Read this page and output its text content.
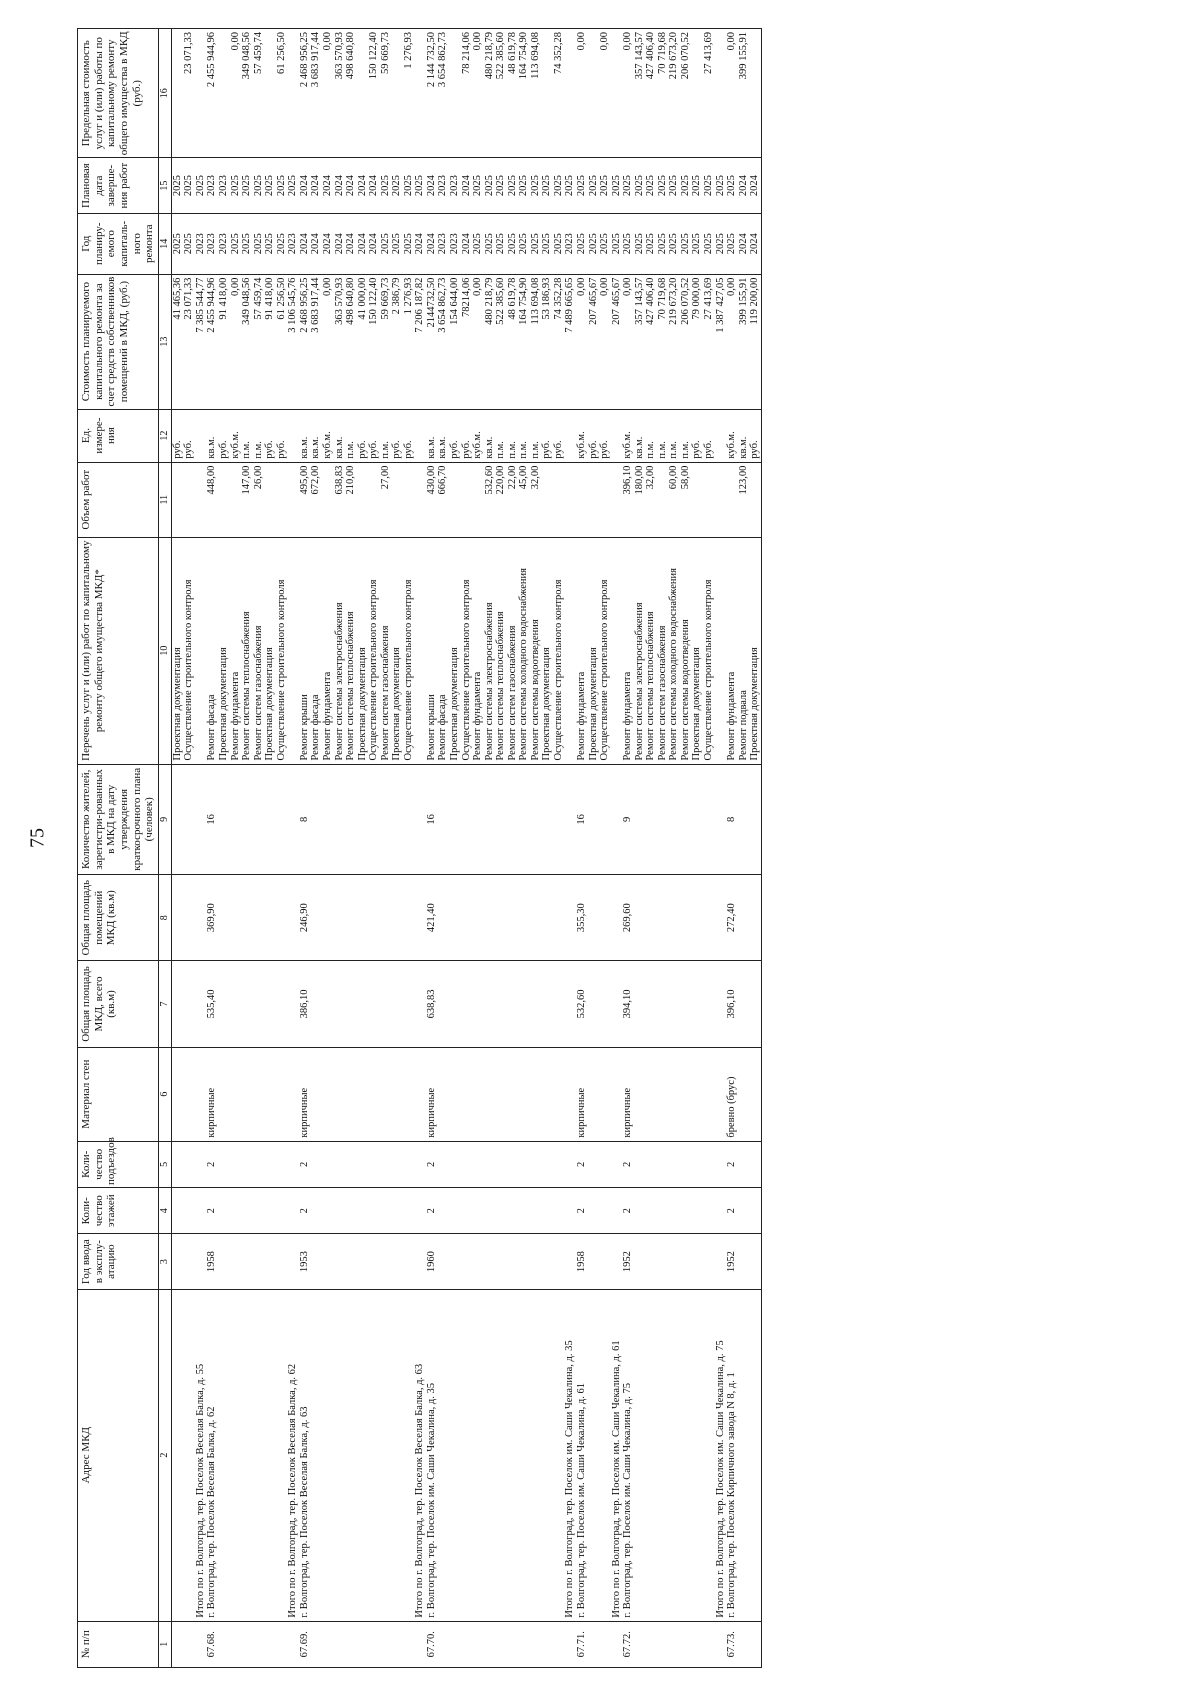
75
№ п/п	Адрес МКД	Год ввода в эксплу-атацию	Коли-чество этажей	Коли-чество подъездов	Материал стен	Общая площадь МКД, всего (кв.м)	Общая площадь помещений МКД (кв.м)	Количество жителей, зарегистри-рованных в МКД на дату утверждения краткосрочного плана (человек)	Перечень услуг и (или) работ по капитальному ремонту общего имущества МКД*	Объем работ	Ед. измере-ния	Стоимость планируемого капитального ремонта за счет средств собственников помещений в МКД, (руб.)	Год планиру-емого капиталь-ного ремонта	Плановая дата заверше-ния работ	Предельная стоимость услуг и (или) работы по капитальному ремонту общего имущества в МКД (руб.)
1	2	3	4	5	6	7	8	9	10	11	12	13	14	15	16
									Проектная документация		руб.	41 465,36	2025	2025	
									Осуществление строительного контроля		руб.	23 071,33	2025	2025	23 071,33
	Итого по г. Волгоград, тер. Поселок Веселая Балка, д. 55											7 385 544,77	2023	2025	
67.68.	г. Волгоград, тер. Поселок Веселая Балка, д. 62	1958	2	2	кирпичные	535,40	369,90	16	Ремонт фасада	448,00	кв.м.	2 455 944,96	2023	2023	2 455 944,96
									Проектная документация		руб.	91 418,00	2023	2023	
									Ремонт фундамента		куб.м.	0,00	2025	2025	0,00
									Ремонт системы теплоснабжения	147,00	п.м.	349 048,56	2025	2025	349 048,56
									Ремонт систем газоснабжения	26,00	п.м.	57 459,74	2025	2025	57 459,74
									Проектная документация		руб.	91 418,00	2025	2025	
									Осуществление строительного контроля		руб.	61 256,50	2025	2025	61 256,50
	Итого по г. Волгоград, тер. Поселок Веселая Балка, д. 62											3 106 545,76	2023	2025	
67.69.	г. Волгоград, тер. Поселок Веселая Балка, д. 63	1953	2	2	кирпичные	386,10	246,90	8	Ремонт крыши	495,00	кв.м.	2 468 956,25	2024	2024	2 468 956,25
									Ремонт фасада	672,00	кв.м.	3 683 917,44	2024	2024	3 683 917,44
									Ремонт фундамента		куб.м.	0,00	2024	2024	0,00
									Ремонт системы электроснабжения	638,83	кв.м.	363 570,93	2024	2024	363 570,93
									Ремонт системы теплоснабжения	210,00	п.м.	498 640,80	2024	2024	498 640,80
									Проектная документация		руб.	41 000,00	2024	2024	
									Осуществление строительного контроля		руб.	150 122,40	2024	2024	150 122,40
									Ремонт систем газоснабжения	27,00	п.м.	59 669,73	2025	2025	59 669,73
									Проектная документация		руб.	2 386,79	2025	2025	
									Осуществление строительного контроля		руб.	1 276,93	2025	2025	1 276,93
	Итого по г. Волгоград, тер. Поселок Веселая Балка, д. 63											7 206 187,82	2024	2025	
67.70.	г. Волгоград, тер. Поселок им. Саши Чекалина, д. 35	1960	2	2	кирпичные	638,83	421,40	16	Ремонт крыши	430,00	кв.м.	2144732,50	2024	2024	2 144 732,50
									Ремонт фасада	666,70	кв.м.	3 654 862,73	2023	2023	3 654 862,73
									Проектная документация		руб.	154 644,00	2023	2023	
									Осуществление строительного контроля		руб.	78214,06	2024	2024	78 214,06
									Ремонт фундамента		куб.м.	0,00	2025	2025	0,00
									Ремонт системы электроснабжения	532,60	кв.м.	480 218,79	2025	2025	480 218,79
									Ремонт системы теплоснабжения	220,00	п.м.	522 385,60	2025	2025	522 385,60
									Ремонт систем газоснабжения	22,00	п.м.	48 619,78	2025	2025	48 619,78
									Ремонт системы холодного водоснабжения	45,00	п.м.	164 754,90	2025	2025	164 754,90
									Ремонт системы водоотведения	32,00	п.м.	113 694,08	2025	2025	113 694,08
									Проектная документация		руб.	53 186,93	2025	2025	
									Осуществление строительного контроля		руб.	74 352,28	2025	2025	74 352,28
	Итого по г. Волгоград, тер. Поселок им. Саши Чекалина, д. 35											7 489 665,65	2023	2025	
67.71.	г. Волгоград, тер. Поселок им. Саши Чекалина, д. 61	1958	2	2	кирпичные	532,60	355,30	16	Ремонт фундамента		куб.м.	0,00	2025	2025	0,00
									Проектная документация		руб.	207 465,67	2025	2025	
									Осуществление строительного контроля		руб.	0,00	2025	2025	0,00
	Итого по г. Волгоград, тер. Поселок им. Саши Чекалина, д. 61											207 465,67	2025	2025	
67.72.	г. Волгоград, тер. Поселок им. Саши Чекалина, д. 75	1952	2	2	кирпичные	394,10	269,60	9	Ремонт фундамента	396,10	куб.м.	0,00	2025	2025	0,00
									Ремонт системы электроснабжения	180,00	кв.м.	357 143,57	2025	2025	357 143,57
									Ремонт системы теплоснабжения	32,00	п.м.	427 406,40	2025	2025	427 406,40
									Ремонт систем газоснабжения		п.м.	70 719,68	2025	2025	70 719,68
									Ремонт системы холодного водоснабжения	60,00	п.м.	219 673,20	2025	2025	219 673,20
									Ремонт системы водоотведения	58,00	п.м.	206 070,52	2025	2025	206 070,52
									Проектная документация		руб.	79 000,00	2025	2025	
									Осуществление строительного контроля		руб.	27 413,69	2025	2025	27 413,69
	Итого по г. Волгоград, тер. Поселок им. Саши Чекалина, д. 75											1 387 427,05	2025	2025	
67.73.	г. Волгоград, тер. Поселок Кирпичного завода N 8, д. 1	1952	2	2	бревно (брус)	396,10	272,40	8	Ремонт фундамента		куб.м.	0,00	2025	2025	0,00
									Ремонт подвала	123,00	кв.м.	399 155,91	2024	2024	399 155,91
									Проектная документация		руб.	119 200,00	2024	2024	
